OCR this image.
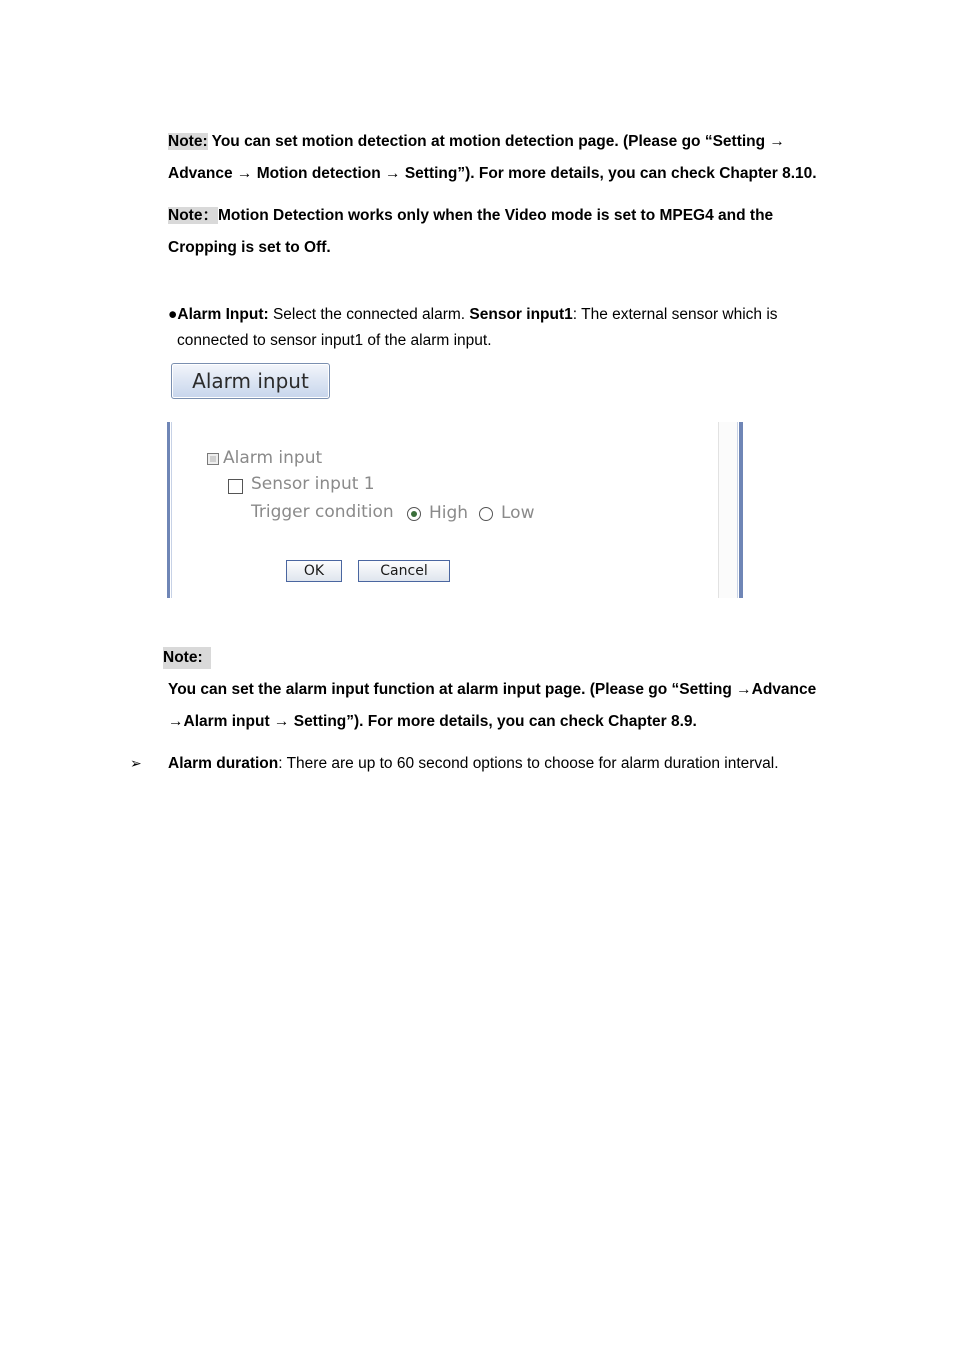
Note: You can set motion detection at motion detection page. (Please go “Setting →
Advance → Motion detection → Setting”). For more details, you can check Chapter 8.10.
Note：Motion Detection works only when the Video mode is set to MPEG4 and the
Cropping is set to Off.
●Alarm Input: Select the connected alarm. Sensor input1: The external sensor which is
connected to sensor input1 of the alarm input.
Alarm input
Alarm input
Sensor input 1
Trigger condition High Low
OK	Cancel
Note:
You can set the alarm input function at alarm input page. (Please go “Setting →Advance
→Alarm input → Setting”). For more details, you can check Chapter 8.9.
➢ Alarm duration: There are up to 60 second options to choose for alarm duration interval.
